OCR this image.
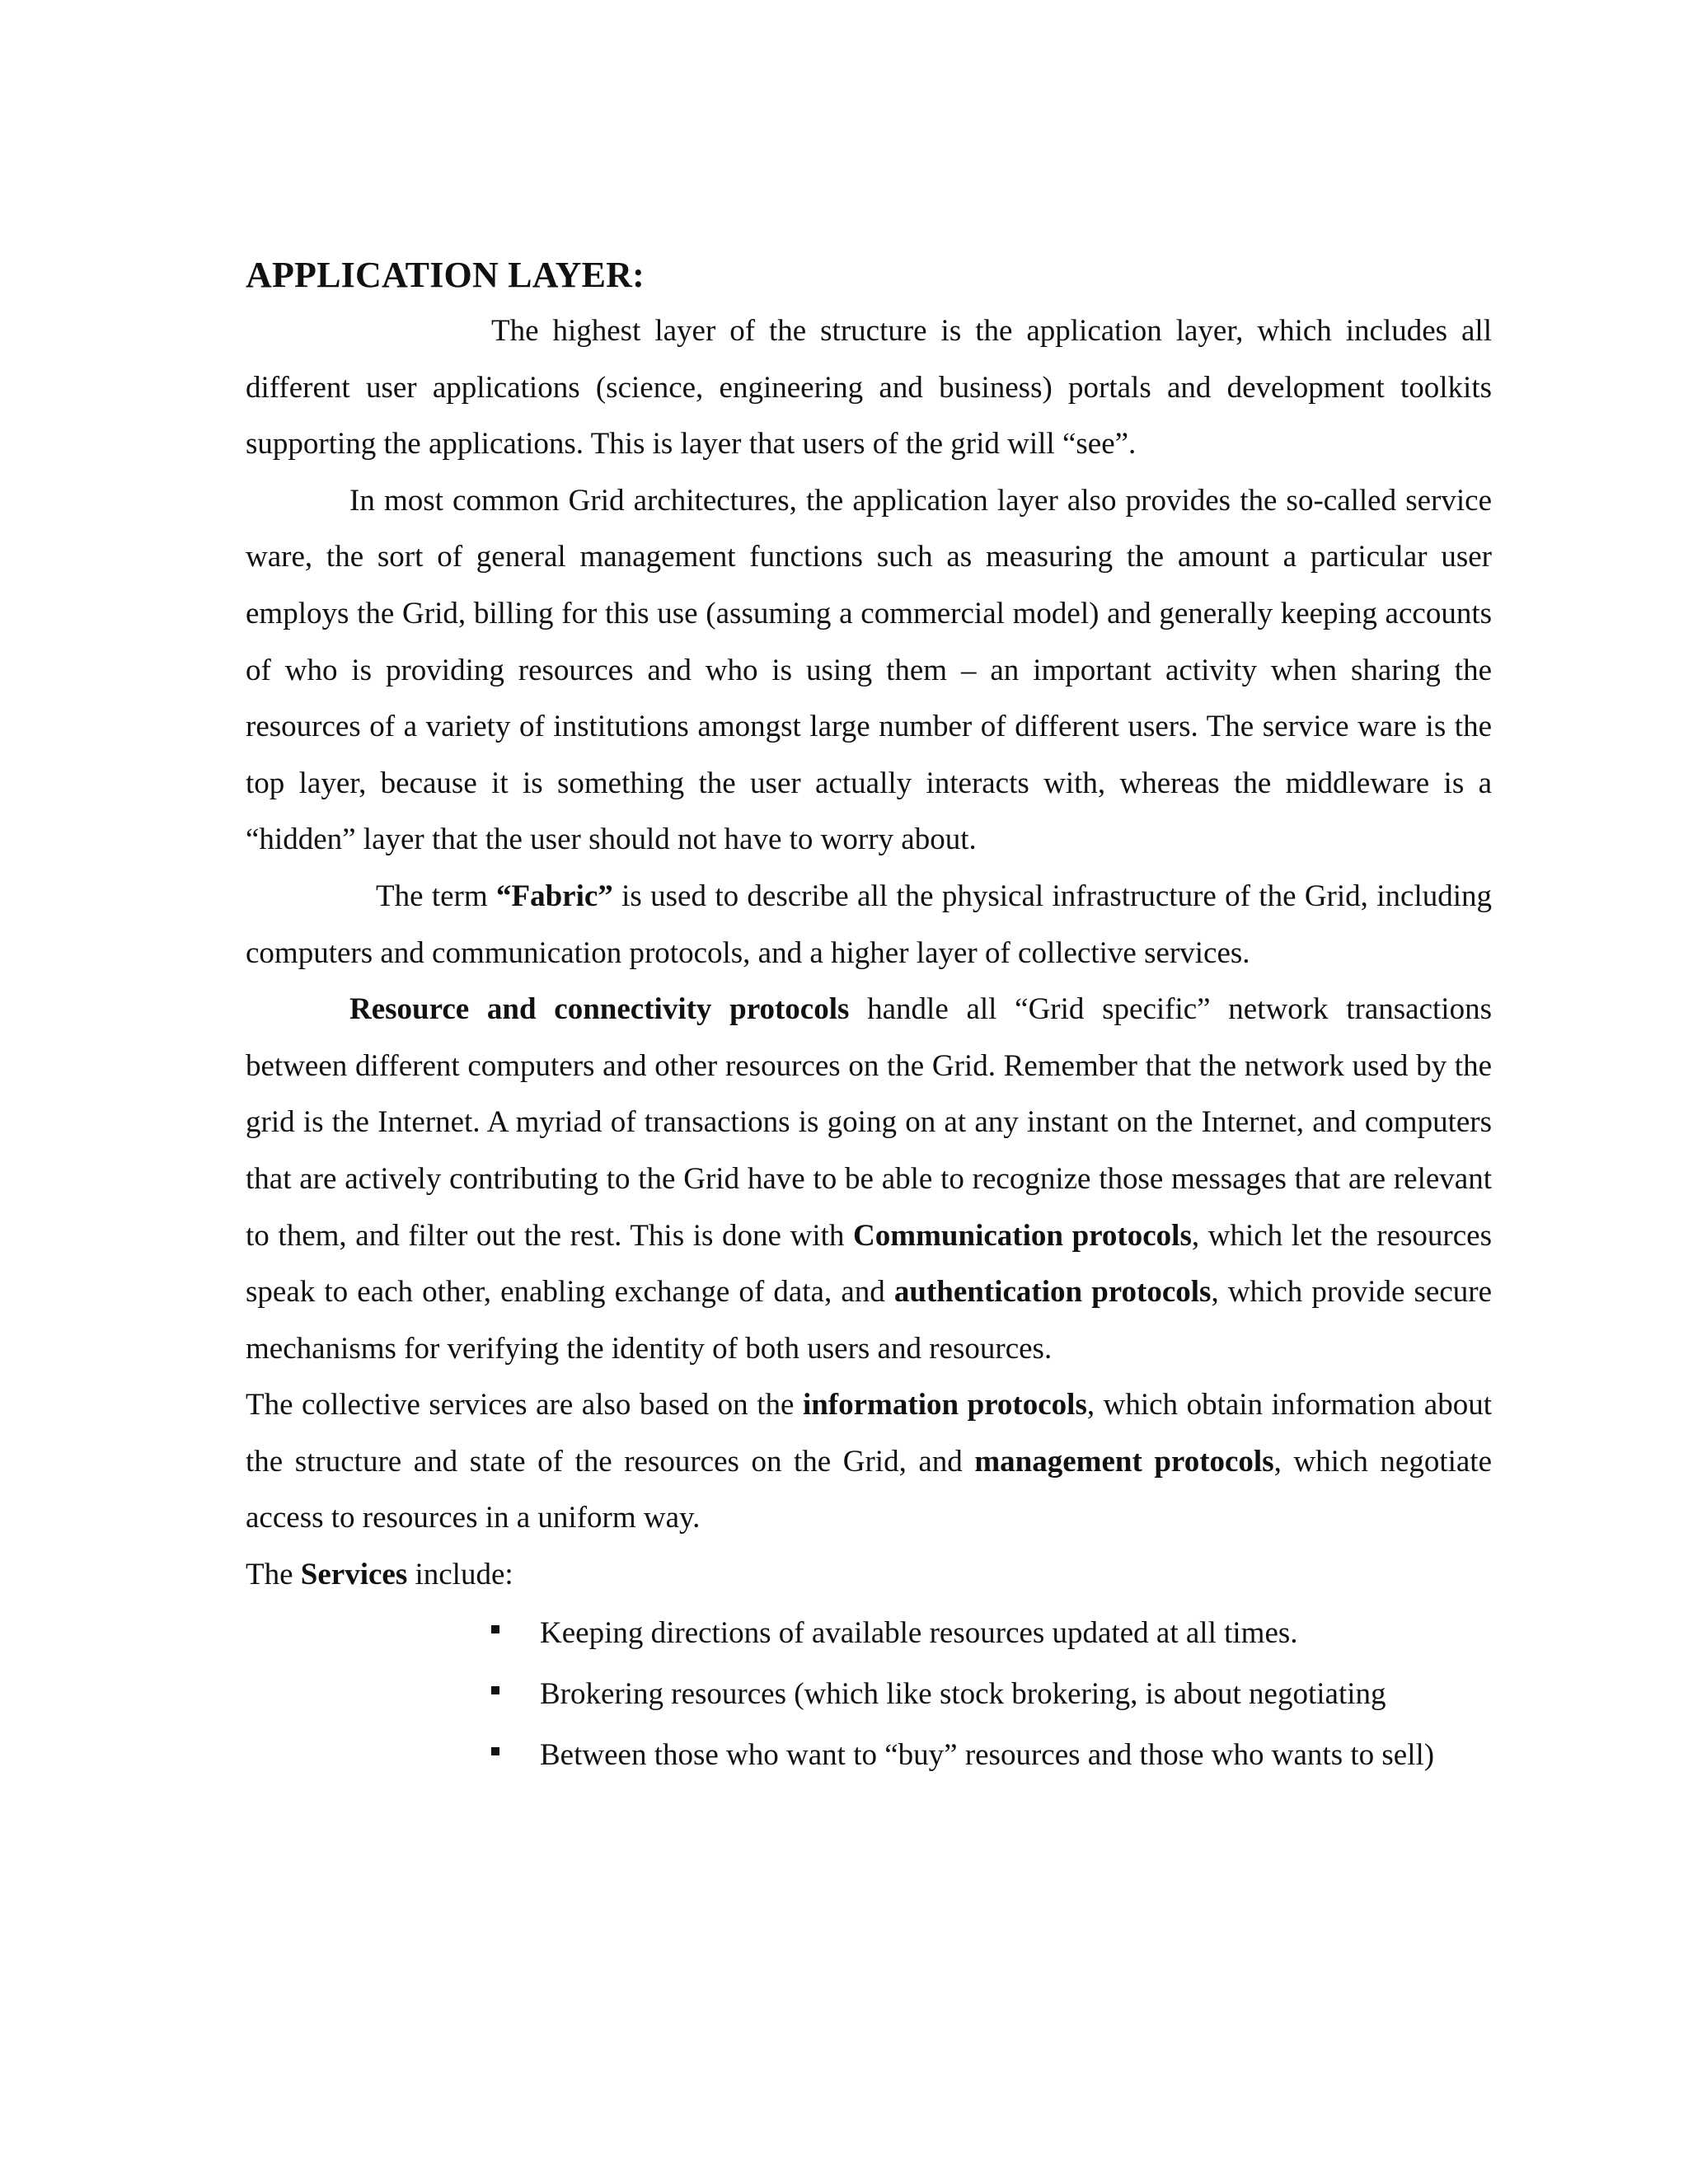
APPLICATION LAYER:

The highest layer of the structure is the application layer, which includes all different user applications (science, engineering and business) portals and development toolkits supporting the applications. This is layer that users of the grid will “see”.

In most common Grid architectures, the application layer also provides the so-called service ware, the sort of general management functions such as measuring the amount a particular user employs the Grid, billing for this use (assuming a commercial model) and generally keeping accounts of who is providing resources and who is using them – an important activity when sharing the resources of a variety of institutions amongst large number of different users. The service ware is the top layer, because it is something the user actually interacts with, whereas the middleware is a “hidden” layer that the user should not have to worry about.

The term “Fabric” is used to describe all the physical infrastructure of the Grid, including computers and communication protocols, and a higher layer of collective services.

Resource and connectivity protocols handle all “Grid specific” network transactions between different computers and other resources on the Grid. Remember that the network used by the grid is the Internet. A myriad of transactions is going on at any instant on the Internet, and computers that are actively contributing to the Grid have to be able to recognize those messages that are relevant to them, and filter out the rest. This is done with Communication protocols, which let the resources speak to each other, enabling exchange of data, and authentication protocols, which provide secure mechanisms for verifying the identity of both users and resources.

The collective services are also based on the information protocols, which obtain information about the structure and state of the resources on the Grid, and management protocols, which negotiate access to resources in a uniform way.

The Services include:

Keeping directions of available resources updated at all times.
Brokering resources (which like stock brokering, is about negotiating
Between those who want to “buy” resources and those who wants to sell)
